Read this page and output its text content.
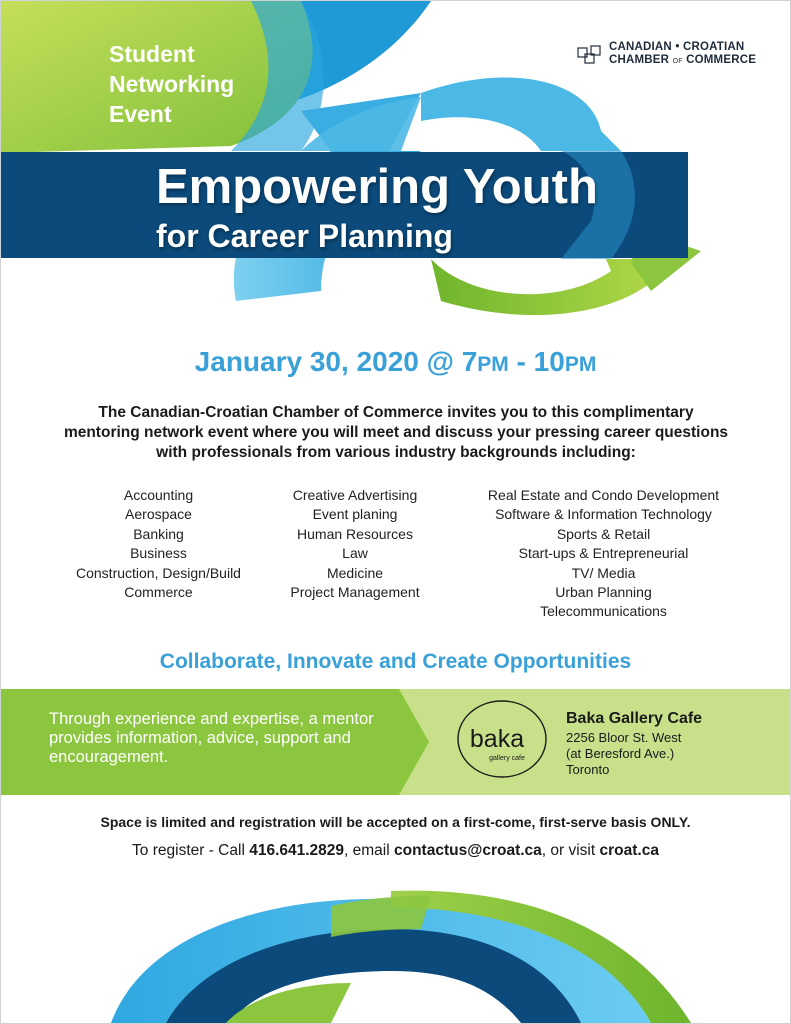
Student
Networking
Event
CANADIAN • CROATIAN
CHAMBER OF COMMERCE
Empowering Youth
for Career Planning
January 30, 2020 @ 7PM - 10PM
The Canadian-Croatian Chamber of Commerce invites you to this complimentary mentoring network event where you will meet and discuss your pressing career questions with professionals from various industry backgrounds including:
Accounting
Aerospace
Banking
Business
Construction, Design/Build
Commerce
Creative Advertising
Event planing
Human Resources
Law
Medicine
Project Management
Real Estate and Condo Development
Software & Information Technology
Sports & Retail
Start-ups & Entrepreneurial
TV/ Media
Urban Planning
Telecommunications
Collaborate, Innovate and Create Opportunities
Through experience and expertise, a mentor provides information, advice, support and encouragement.
baka
gallery cafe
Baka Gallery Cafe
2256 Bloor St. West
(at Beresford Ave.)
Toronto
Space is limited and registration will be accepted on a first-come, first-serve basis ONLY.
To register - Call 416.641.2829, email contactus@croat.ca, or visit croat.ca
